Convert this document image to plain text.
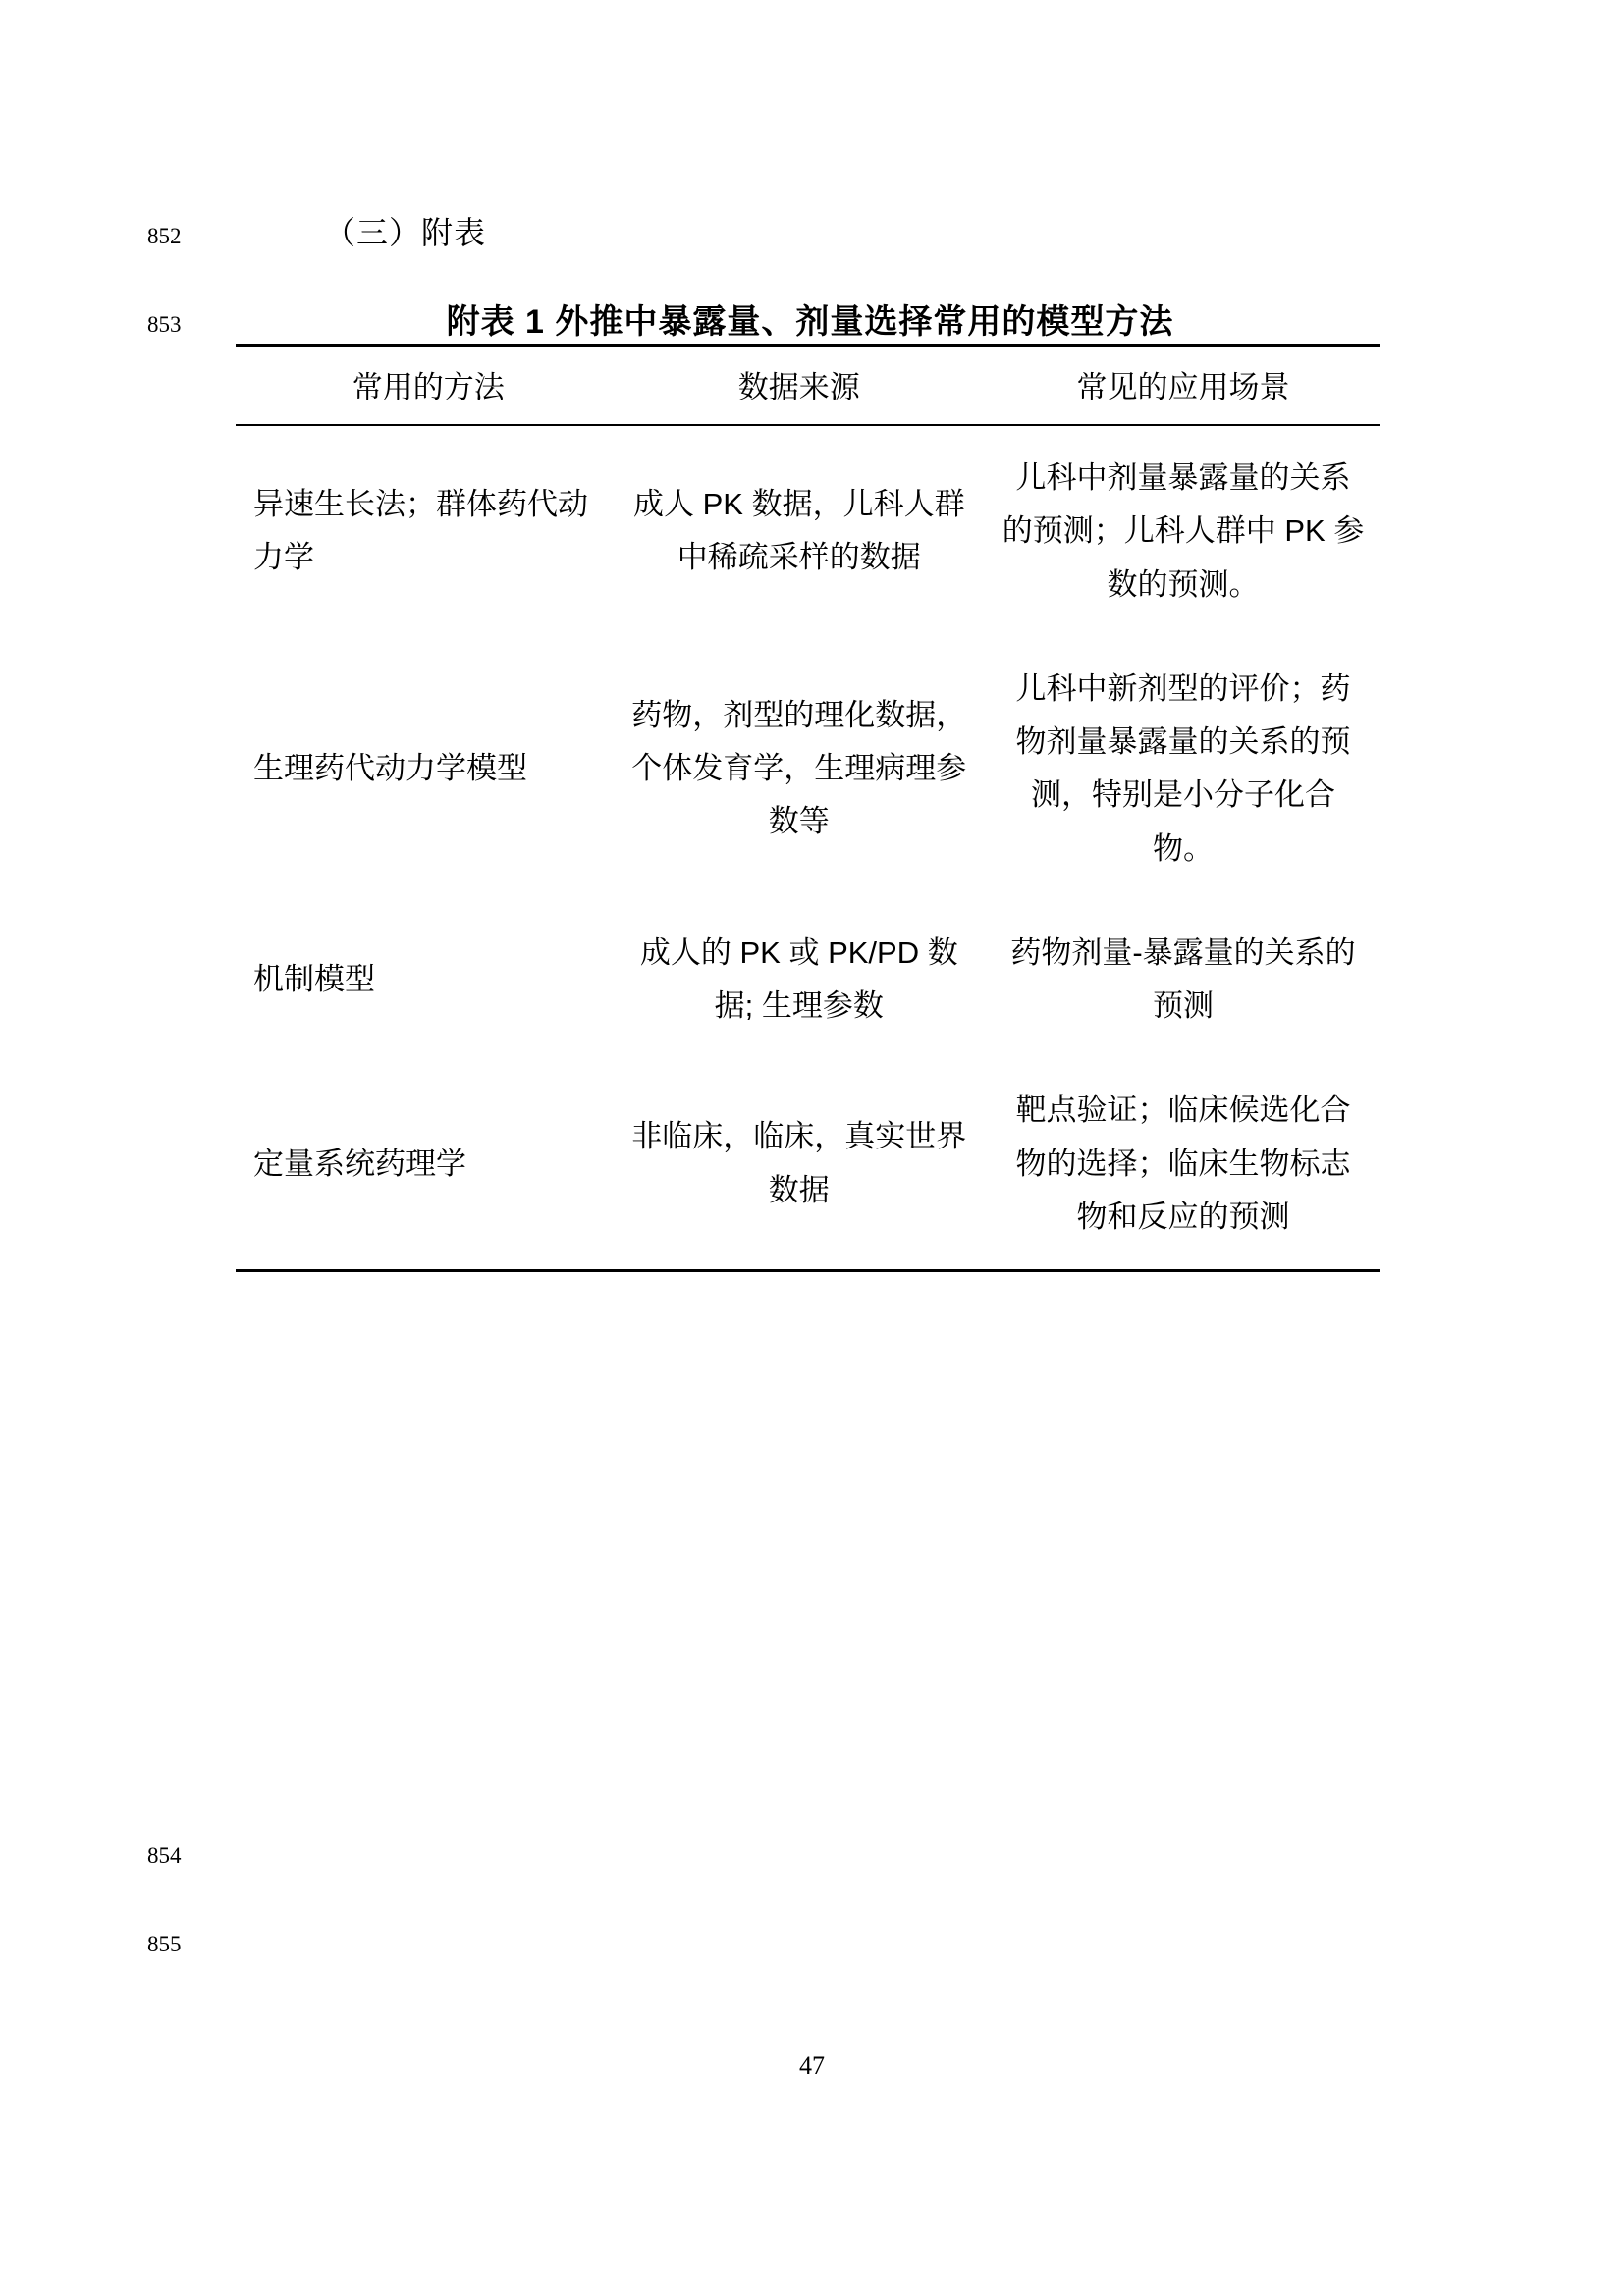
852
853
854
855
（三）附表
附表 1 外推中暴露量、剂量选择常用的模型方法
常用的方法	数据来源	常见的应用场景
异速生长法；群体药代动力学	成人 PK 数据，儿科人群中稀疏采样的数据	儿科中剂量暴露量的关系的预测；儿科人群中 PK 参数的预测。
生理药代动力学模型	药物，剂型的理化数据，个体发育学，生理病理参数等	儿科中新剂型的评价；药物剂量暴露量的关系的预测，特别是小分子化合物。
机制模型	成人的 PK 或 PK/PD 数据; 生理参数	药物剂量-暴露量的关系的预测
定量系统药理学	非临床，临床，真实世界数据	靶点验证；临床候选化合物的选择；临床生物标志物和反应的预测
47
